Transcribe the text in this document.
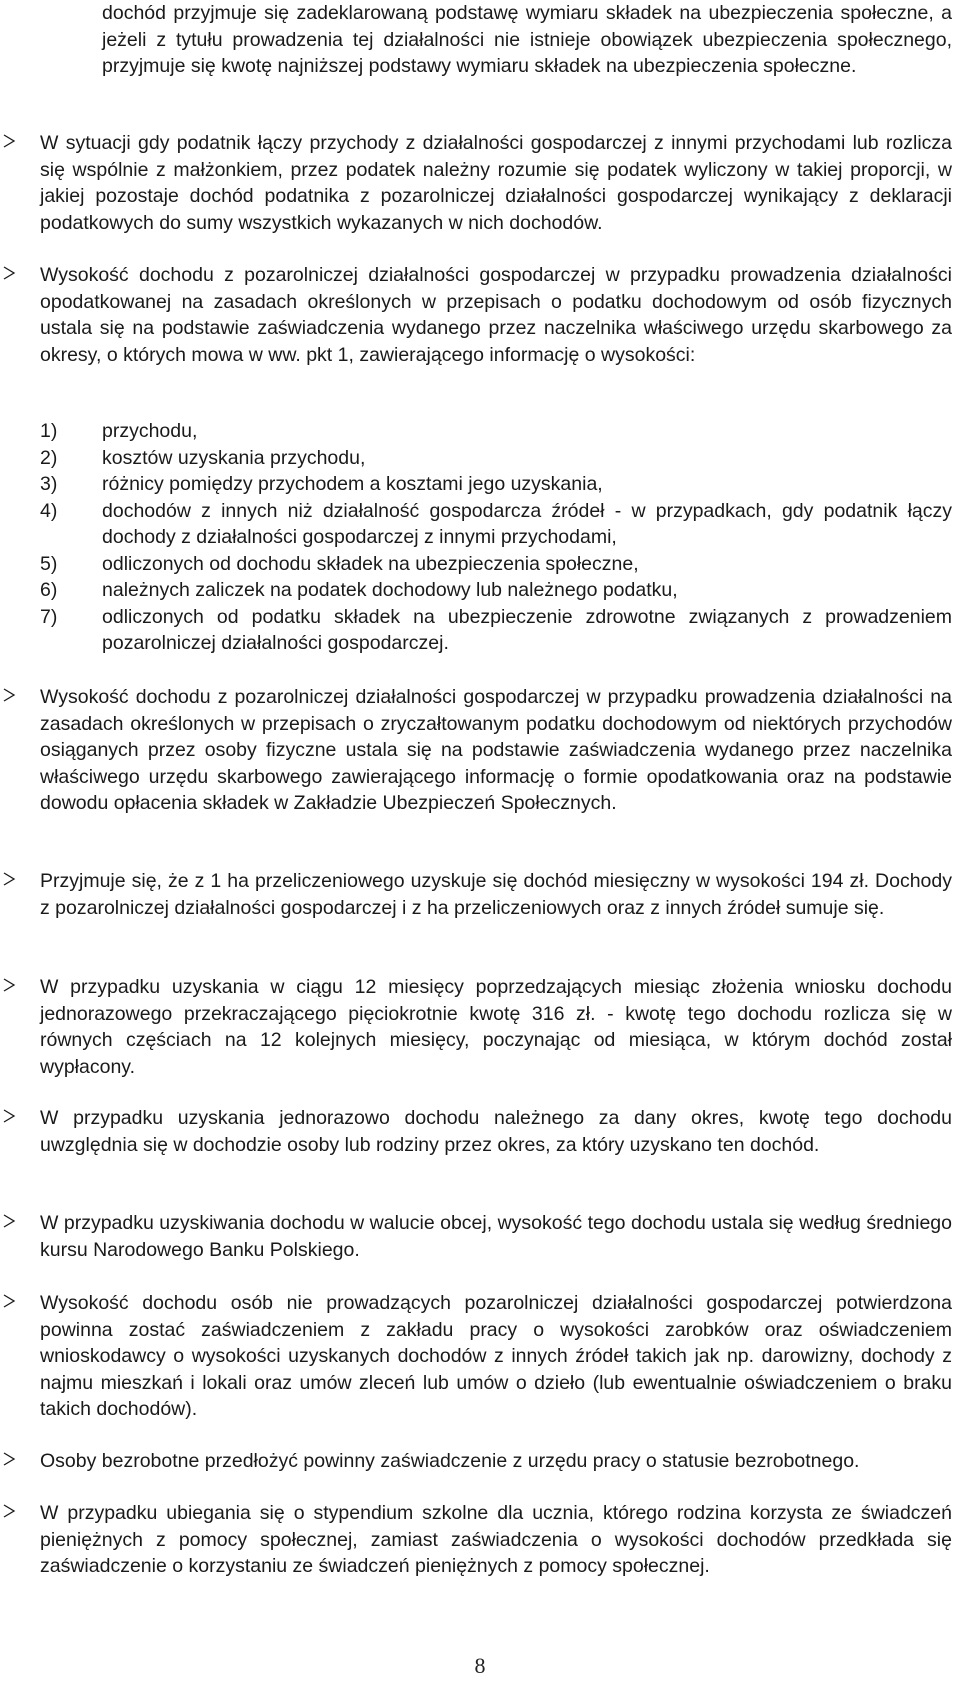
dochód przyjmuje się zadeklarowaną podstawę wymiaru składek na ubezpieczenia społeczne, a jeżeli z tytułu prowadzenia tej działalności nie istnieje obowiązek ubezpieczenia społecznego, przyjmuje się kwotę najniższej podstawy wymiaru składek na ubezpieczenia społeczne.
W sytuacji gdy podatnik łączy przychody z działalności gospodarczej z innymi przychodami lub rozlicza się wspólnie z małżonkiem, przez podatek należny rozumie się podatek wyliczony w takiej proporcji, w jakiej pozostaje dochód podatnika z pozarolniczej działalności gospodarczej wynikający z deklaracji podatkowych do sumy wszystkich wykazanych w nich dochodów.
Wysokość dochodu z pozarolniczej działalności gospodarczej w przypadku prowadzenia działalności opodatkowanej na zasadach określonych w przepisach o podatku dochodowym od osób fizycznych ustala się na podstawie zaświadczenia wydanego przez naczelnika właściwego urzędu skarbowego za okresy, o których mowa w ww. pkt 1, zawierającego informację o wysokości:
1) przychodu,
2) kosztów uzyskania przychodu,
3) różnicy pomiędzy przychodem a kosztami jego uzyskania,
4) dochodów z innych niż działalność gospodarcza źródeł - w przypadkach, gdy podatnik łączy dochody z działalności gospodarczej z innymi przychodami,
5) odliczonych od dochodu składek na ubezpieczenia społeczne,
6) należnych zaliczek na podatek dochodowy lub należnego podatku,
7) odliczonych od podatku składek na ubezpieczenie zdrowotne związanych z prowadzeniem pozarolniczej działalności gospodarczej.
Wysokość dochodu z pozarolniczej działalności gospodarczej w przypadku prowadzenia działalności na zasadach określonych w przepisach o zryczałtowanym podatku dochodowym od niektórych przychodów osiąganych przez osoby fizyczne ustala się na podstawie zaświadczenia wydanego przez naczelnika właściwego urzędu skarbowego zawierającego informację o formie opodatkowania oraz na podstawie dowodu opłacenia składek w Zakładzie Ubezpieczeń Społecznych.
Przyjmuje się, że z 1 ha przeliczeniowego uzyskuje się dochód miesięczny w wysokości 194 zł. Dochody z pozarolniczej działalności gospodarczej i z ha przeliczeniowych oraz z innych źródeł sumuje się.
W przypadku uzyskania w ciągu 12 miesięcy poprzedzających miesiąc złożenia wniosku dochodu jednorazowego przekraczającego pięciokrotnie kwotę 316 zł. - kwotę tego dochodu rozlicza się w równych częściach na 12 kolejnych miesięcy, poczynając od miesiąca, w którym dochód został wypłacony.
W przypadku uzyskania jednorazowo dochodu należnego za dany okres, kwotę tego dochodu uwzględnia się w dochodzie osoby lub rodziny przez okres, za który uzyskano ten dochód.
W przypadku uzyskiwania dochodu w walucie obcej, wysokość tego dochodu ustala się według średniego kursu Narodowego Banku Polskiego.
Wysokość dochodu osób nie prowadzących pozarolniczej działalności gospodarczej potwierdzona powinna zostać zaświadczeniem z zakładu pracy o wysokości zarobków oraz oświadczeniem wnioskodawcy o wysokości uzyskanych dochodów z innych źródeł takich jak np. darowizny, dochody z najmu mieszkań i lokali oraz umów zleceń lub umów o dzieło (lub ewentualnie oświadczeniem o braku takich dochodów).
Osoby bezrobotne przedłożyć powinny zaświadczenie z urzędu pracy o statusie bezrobotnego.
W przypadku ubiegania się o stypendium szkolne dla ucznia, którego rodzina korzysta ze świadczeń pieniężnych z pomocy społecznej, zamiast zaświadczenia o wysokości dochodów przedkłada się zaświadczenie o korzystaniu ze świadczeń pieniężnych z pomocy społecznej.
8
